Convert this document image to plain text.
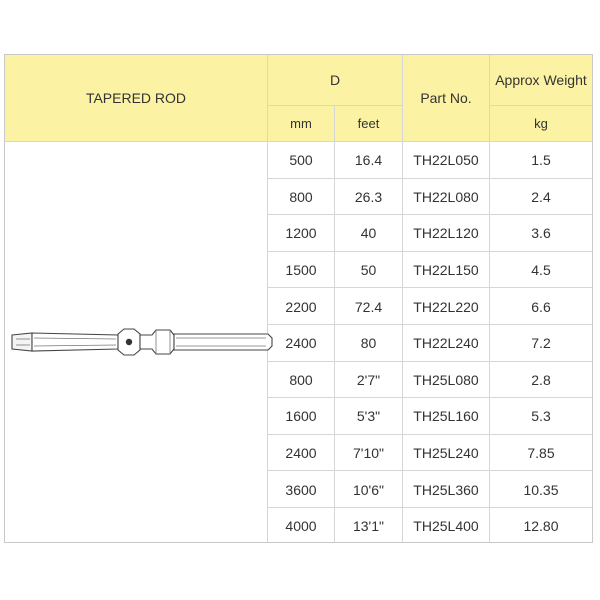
TAPERED ROD
D
mm	feet
Part No.
Approx Weight
kg
500	16.4	TH22L050	1.5
800	26.3	TH22L080	2.4
1200	40	TH22L120	3.6
1500	50	TH22L150	4.5
2200	72.4	TH22L220	6.6
2400	80	TH22L240	7.2
800	2'7"	TH25L080	2.8
1600	5'3"	TH25L160	5.3
2400	7'10"	TH25L240	7.85
3600	10'6"	TH25L360	10.35
4000	13'1"	TH25L400	12.80
